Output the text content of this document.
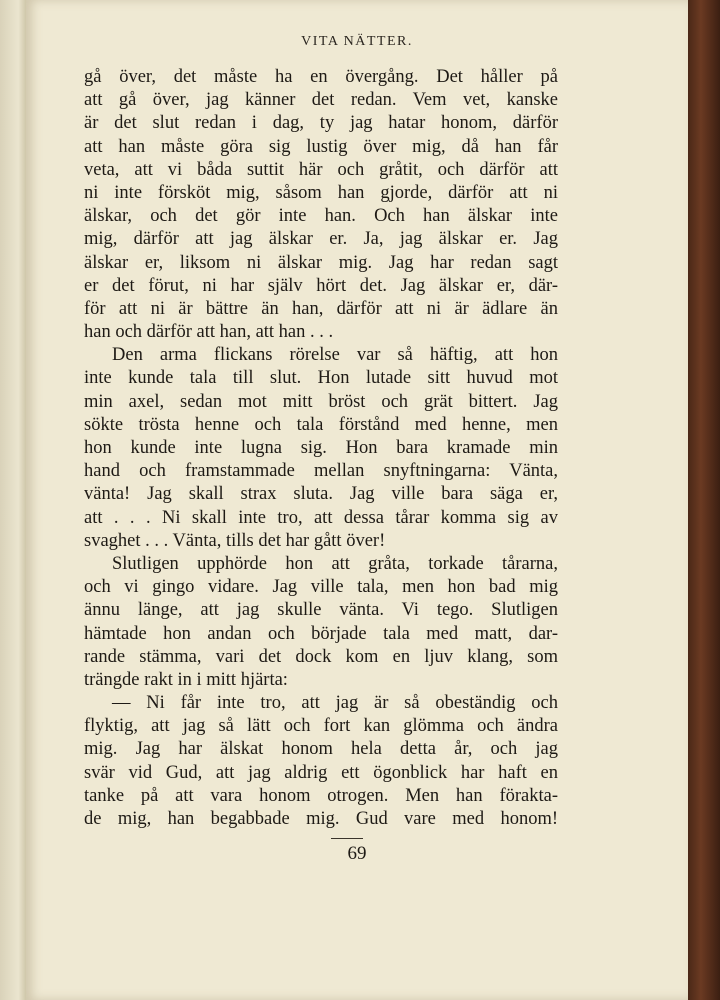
VITA NÄTTER.
gå över, det måste ha en övergång. Det håller på
att gå över, jag känner det redan. Vem vet, kanske
är det slut redan i dag, ty jag hatar honom, därför
att han måste göra sig lustig över mig, då han får
veta, att vi båda suttit här och gråtit, och därför att
ni inte försköt mig, såsom han gjorde, därför att ni
älskar, och det gör inte han. Och han älskar inte
mig, därför att jag älskar er. Ja, jag älskar er. Jag
älskar er, liksom ni älskar mig. Jag har redan sagt
er det förut, ni har själv hört det. Jag älskar er, där-
för att ni är bättre än han, därför att ni är ädlare än
han och därför att han, att han . . .
Den arma flickans rörelse var så häftig, att hon
inte kunde tala till slut. Hon lutade sitt huvud mot
min axel, sedan mot mitt bröst och grät bittert. Jag
sökte trösta henne och tala förstånd med henne, men
hon kunde inte lugna sig. Hon bara kramade min
hand och framstammade mellan snyftningarna: Vänta,
vänta! Jag skall strax sluta. Jag ville bara säga er,
att . . . Ni skall inte tro, att dessa tårar komma sig av
svaghet . . . Vänta, tills det har gått över!
Slutligen upphörde hon att gråta, torkade tårarna,
och vi gingo vidare. Jag ville tala, men hon bad mig
ännu länge, att jag skulle vänta. Vi tego. Slutligen
hämtade hon andan och började tala med matt, dar-
rande stämma, vari det dock kom en ljuv klang, som
trängde rakt in i mitt hjärta:
— Ni får inte tro, att jag är så obeständig och
flyktig, att jag så lätt och fort kan glömma och ändra
mig. Jag har älskat honom hela detta år, och jag
svär vid Gud, att jag aldrig ett ögonblick har haft en
tanke på att vara honom otrogen. Men han förakta-
de mig, han begabbade mig. Gud vare med honom!
69
